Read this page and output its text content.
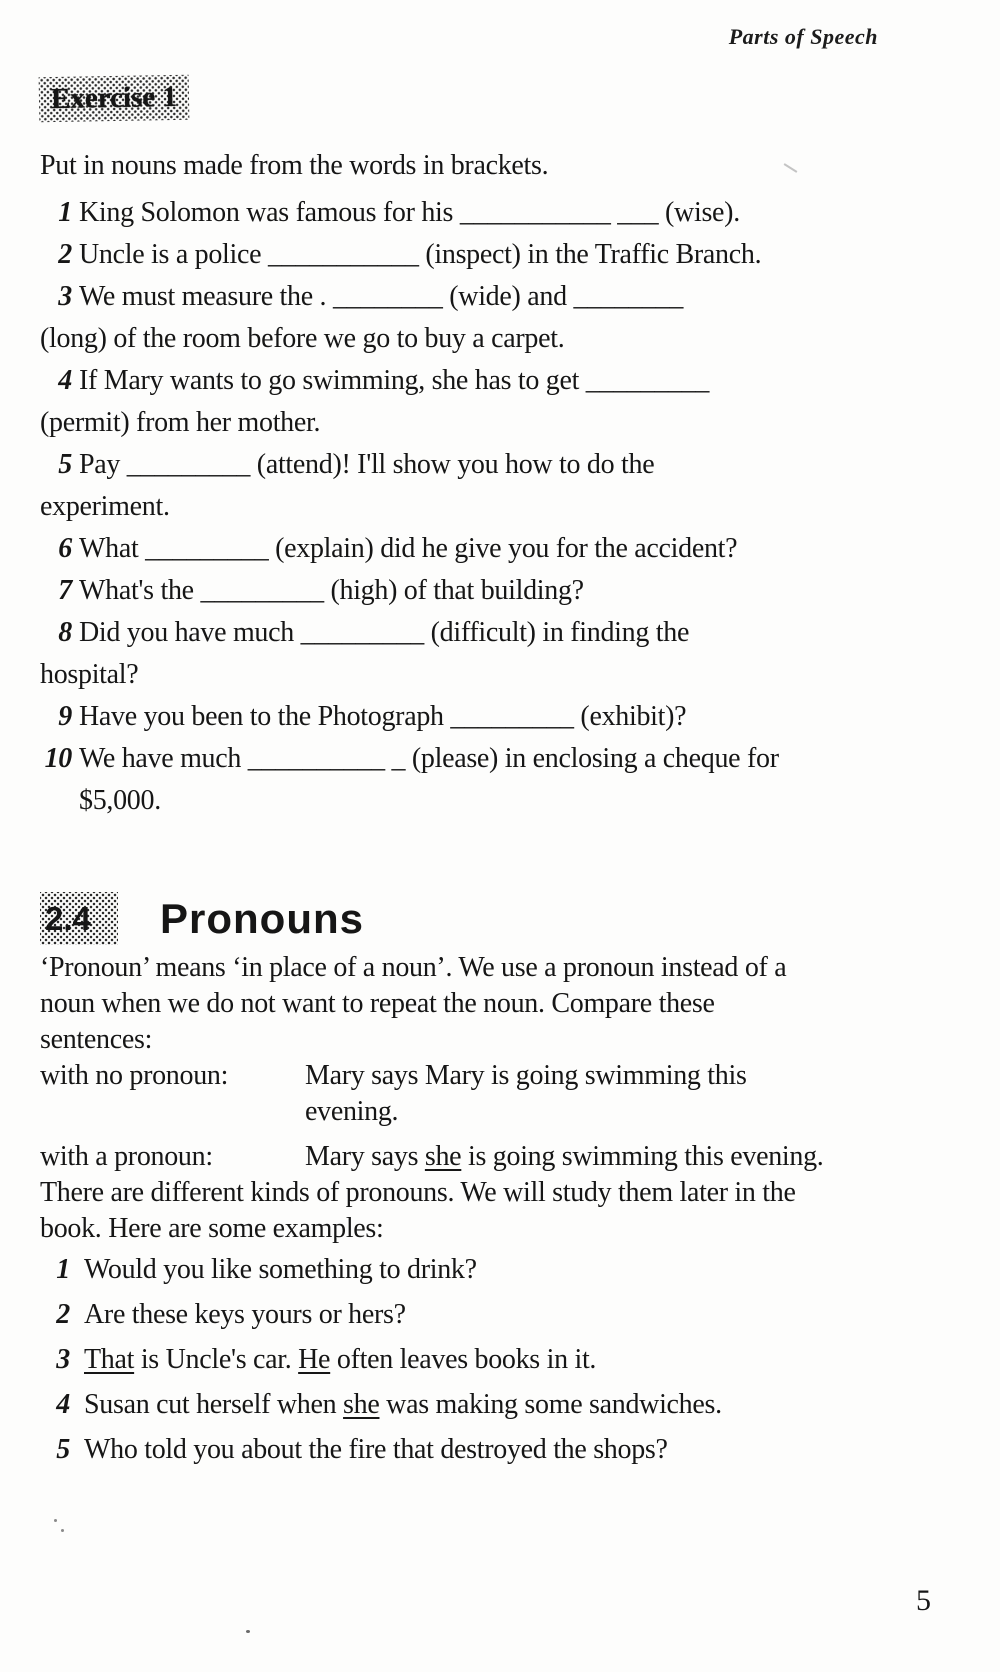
Parts of Speech
Exercise 1
Put in nouns made from the words in brackets.
1 King Solomon was famous for his ___________ ___ (wise).
2 Uncle is a police ___________ (inspect) in the Traffic Branch.
3 We must measure the . ________ (wide) and ________
(long) of the room before we go to buy a carpet.
4 If Mary wants to go swimming, she has to get _________
(permit) from her mother.
5 Pay _________ (attend)! I'll show you how to do the
experiment.
6 What _________ (explain) did he give you for the accident?
7 What's the _________ (high) of that building?
8 Did you have much _________ (difficult) in finding the
hospital?
9 Have you been to the Photograph _________ (exhibit)?
10 We have much __________ _ (please) in enclosing a cheque for
$5,000.
2.4	Pronouns
‘Pronoun’ means ‘in place of a noun’. We use a pronoun instead of a
noun when we do not want to repeat the noun. Compare these
sentences:
with no pronoun:	Mary says Mary is going swimming this
evening.
with a pronoun:	Mary says she is going swimming this evening.
There are different kinds of pronouns. We will study them later in the
book. Here are some examples:
1 Would you like something to drink?
2 Are these keys yours or hers?
3 That is Uncle's car. He often leaves books in it.
4 Susan cut herself when she was making some sandwiches.
5 Who told you about the fire that destroyed the shops?
5
